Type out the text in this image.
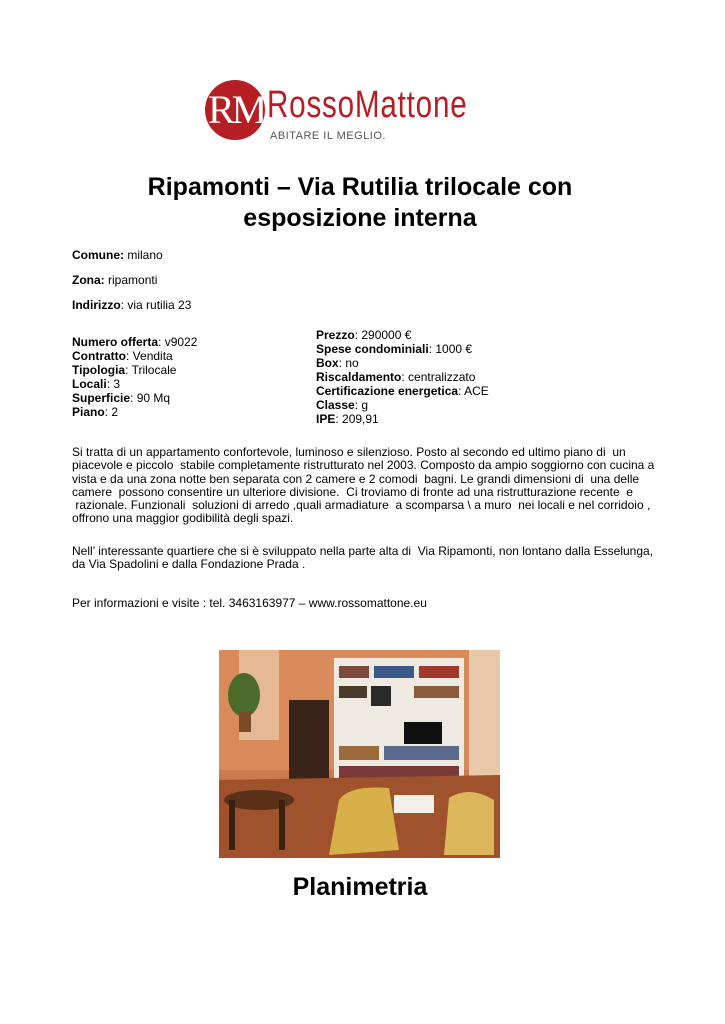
RM RossoMattone
ABITARE IL MEGLIO.
Ripamonti – Via Rutilia trilocale con
esposizione interna
Comune: milano
Zona: ripamonti
Indirizzo: via rutilia 23
Numero offerta: v9022
Contratto: Vendita
Tipologia: Trilocale
Locali: 3
Superficie: 90 Mq
Piano: 2
Prezzo: 290000 €
Spese condominiali: 1000 €
Box: no
Riscaldamento: centralizzato
Certificazione energetica: ACE
Classe: g
IPE: 209,91
Si tratta di un appartamento confortevole, luminoso e silenzioso. Posto al secondo ed ultimo piano di  un
piacevole e piccolo  stabile completamente ristrutturato nel 2003. Composto da ampio soggiorno con cucina a
vista e da una zona notte ben separata con 2 camere e 2 comodi  bagni. Le grandi dimensioni di  una delle
camere  possono consentire un ulteriore divisione.  Ci troviamo di fronte ad una ristrutturazione recente  e
razionale. Funzionali  soluzioni di arredo ,quali armadiature  a scomparsa \ a muro  nei locali e nel corridoio ,
offrono una maggior godibilità degli spazi.
Nell’ interessante quartiere che si è sviluppato nella parte alta di  Via Ripamonti, non lontano dalla Esselunga,
da Via Spadolini e dalla Fondazione Prada .
Per informazioni e visite : tel. 3463163977 – www.rossomattone.eu
Planimetria
